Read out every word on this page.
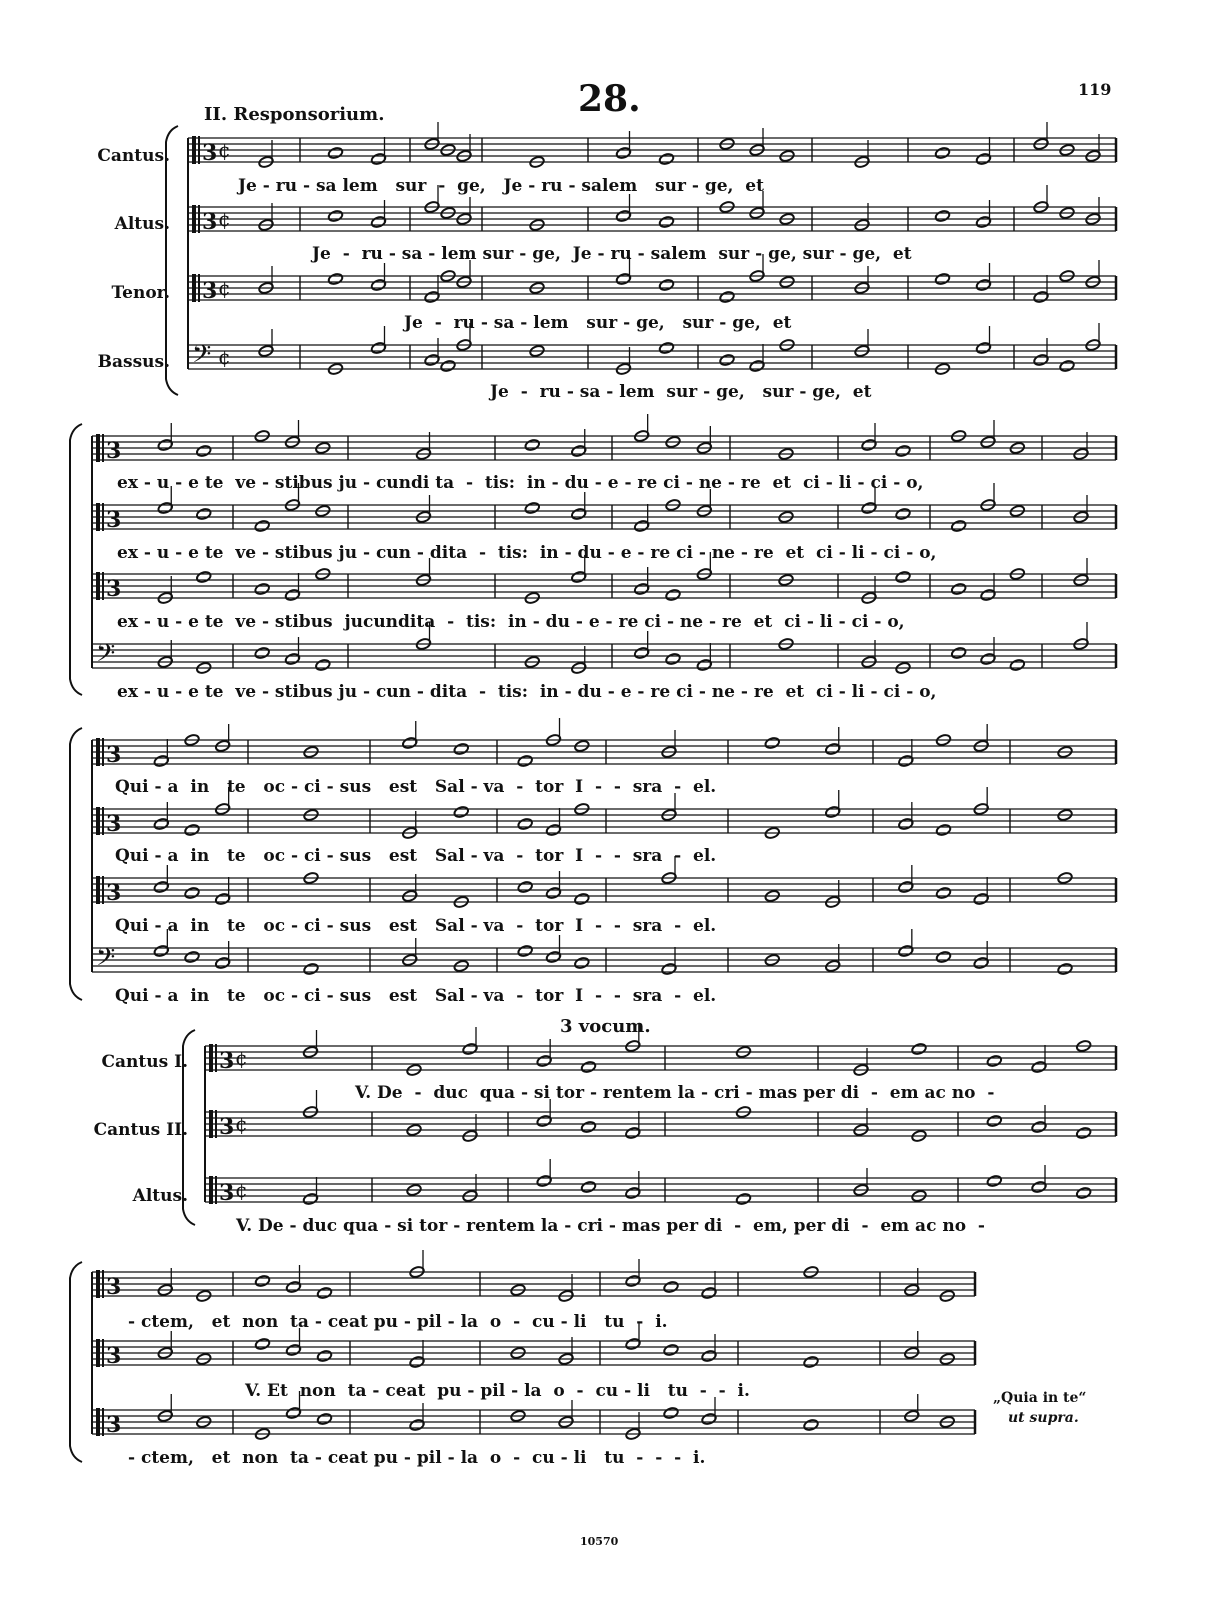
3 ¢
3 ¢
3 ¢
𝄢 ¢
3
3
3
𝄢
3
3
3
𝄢
3 ¢
3 ¢
3 ¢
3
3
3
28.	119
II. Responsorium.
3 vocum.
10570
„Quia in te“
ut supra.
Cantus.
Altus.
Tenor.
Bassus.
Je - ru - sa lem   sur  -  ge,   Je - ru - salem   sur - ge,  et
Je  -  ru - sa - lem sur - ge,  Je - ru - salem  sur - ge, sur - ge,  et
Je  -  ru - sa - lem   sur - ge,   sur - ge,  et
Je  -  ru - sa - lem  sur - ge,   sur - ge,  et
ex - u - e te  ve - stibus ju - cundi ta  -  tis:  in - du - e - re ci - ne - re  et  ci - li - ci - o,
ex - u - e te  ve - stibus ju - cun - dita  -  tis:  in - du - e - re ci - ne - re  et  ci - li - ci - o,
ex - u - e te  ve - stibus  jucundita  -  tis:  in - du - e - re ci - ne - re  et  ci - li - ci - o,
ex - u - e te  ve - stibus ju - cun - dita  -  tis:  in - du - e - re ci - ne - re  et  ci - li - ci - o,
Qui - a  in   te   oc - ci - sus   est   Sal - va  -  tor  I  -  -  sra  -  el.
Qui - a  in   te   oc - ci - sus   est   Sal - va  -  tor  I  -  -  sra  -  el.
Qui - a  in   te   oc - ci - sus   est   Sal - va  -  tor  I  -  -  sra  -  el.
Qui - a  in   te   oc - ci - sus   est   Sal - va  -  tor  I  -  -  sra  -  el.
Cantus I.
Cantus II.
Altus.
V. De  -  duc  qua - si tor - rentem la - cri - mas per di  -  em ac no  -
V. De - duc qua - si tor - rentem la - cri - mas per di  -  em, per di  -  em ac no  -
- ctem,   et  non  ta - ceat pu - pil - la  o  -  cu - li   tu  -  i.
V. Et  non  ta - ceat  pu - pil - la  o  -  cu - li   tu  -  -  i.
- ctem,   et  non  ta - ceat pu - pil - la  o  -  cu - li   tu  -  -  -  i.
